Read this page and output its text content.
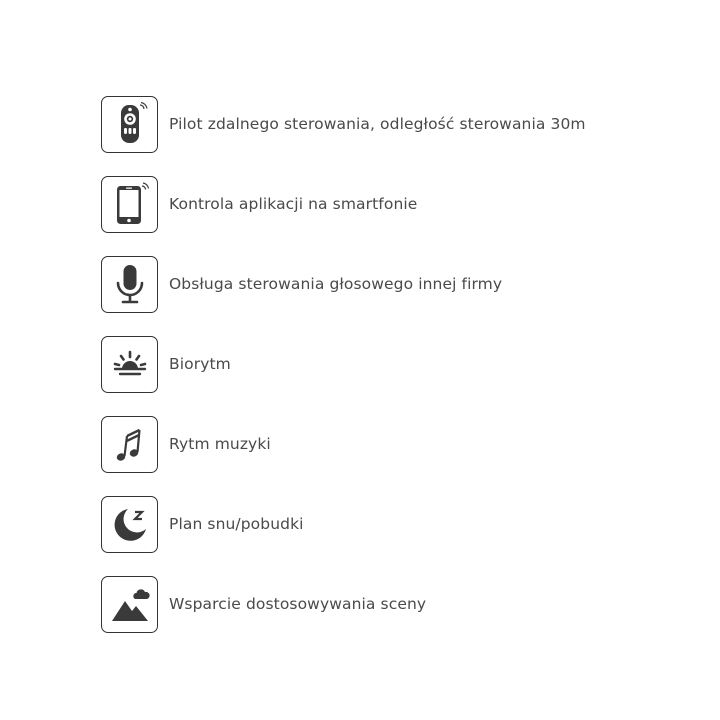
Pilot zdalnego sterowania, odległość sterowania 30m
Kontrola aplikacji na smartfonie
Obsługa sterowania głosowego innej firmy
Biorytm
Rytm muzyki
Plan snu/pobudki
Wsparcie dostosowywania sceny
